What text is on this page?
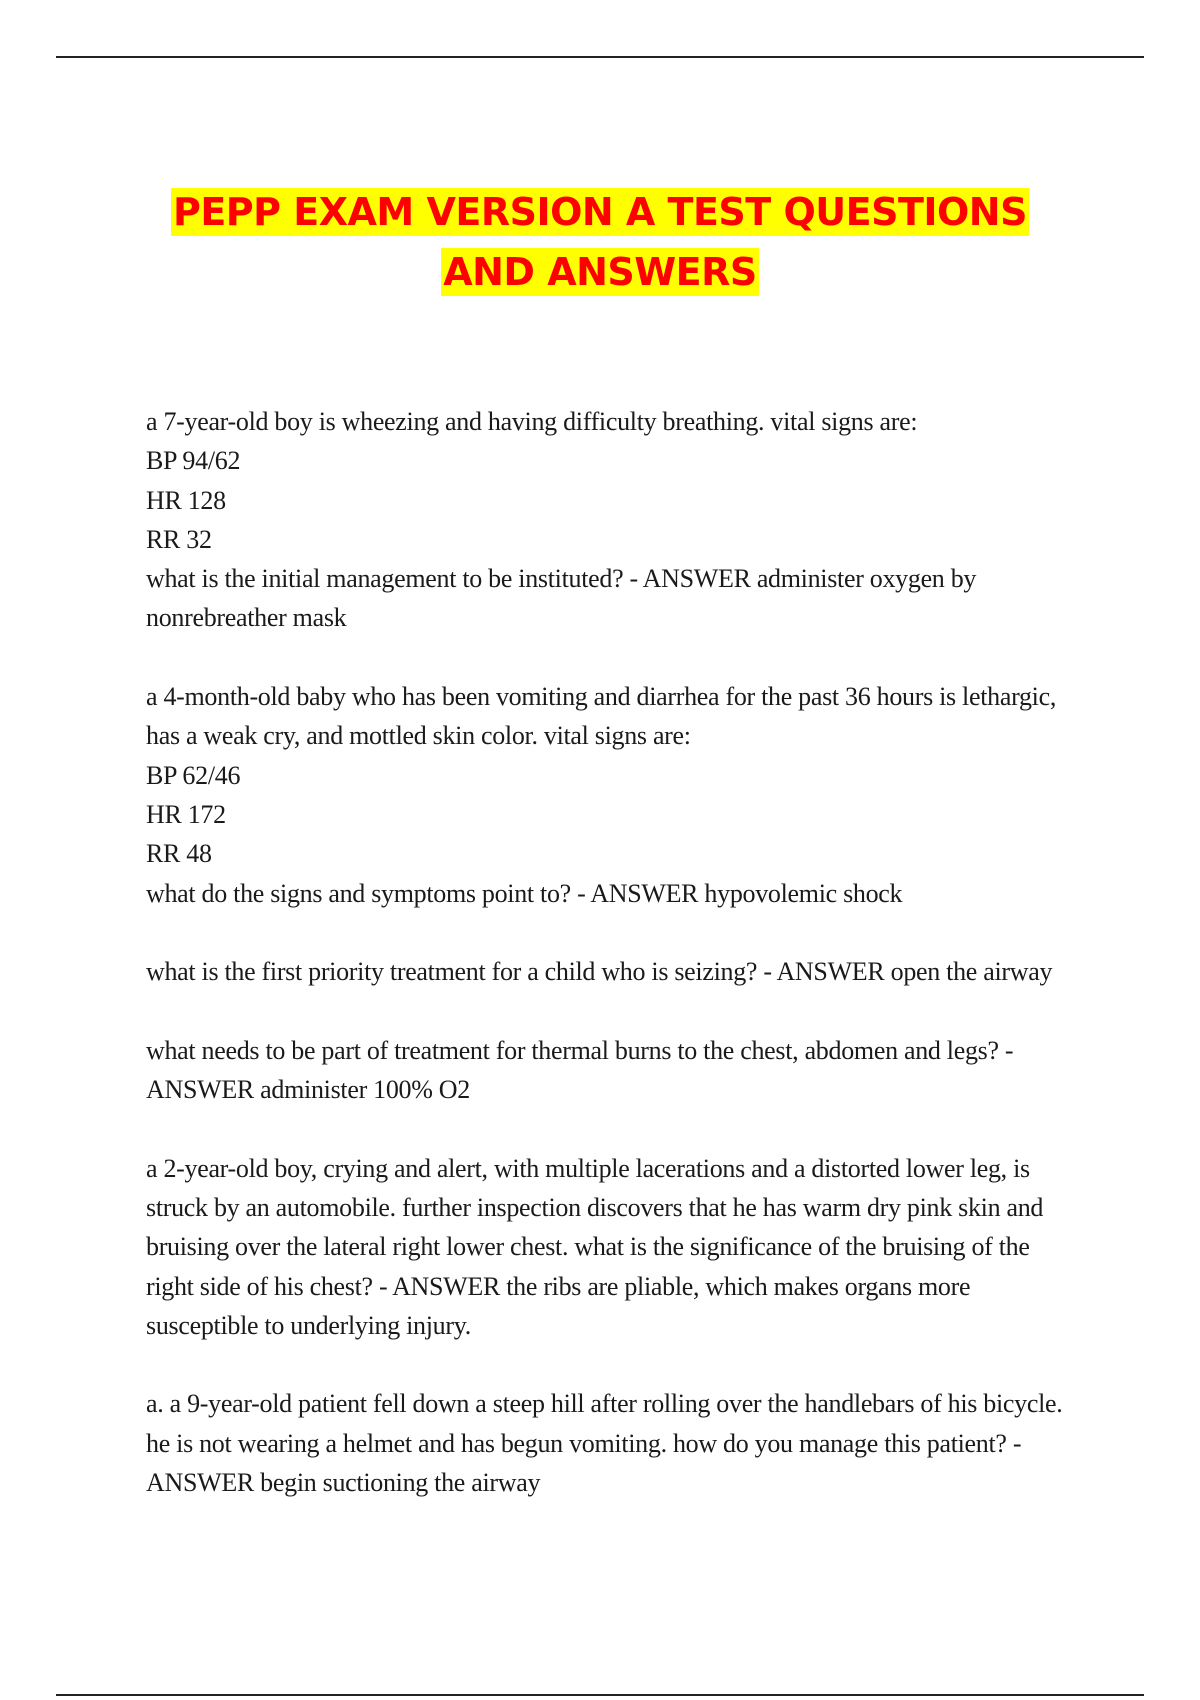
PEPP EXAM VERSION A TEST QUESTIONS
AND ANSWERS

a 7-year-old boy is wheezing and having difficulty breathing. vital signs are:

BP 94/62

HR 128

RR 32

what is the initial management to be instituted? - ANSWER administer oxygen by nonrebreather mask

a 4-month-old baby who has been vomiting and diarrhea for the past 36 hours is lethargic, has a weak cry, and mottled skin color. vital signs are:

BP 62/46

HR 172

RR 48

what do the signs and symptoms point to? - ANSWER hypovolemic shock

what is the first priority treatment for a child who is seizing? - ANSWER open the airway

what needs to be part of treatment for thermal burns to the chest, abdomen and legs? - ANSWER administer 100% O2

a 2-year-old boy, crying and alert, with multiple lacerations and a distorted lower leg, is struck by an automobile. further inspection discovers that he has warm dry pink skin and bruising over the lateral right lower chest. what is the significance of the bruising of the right side of his chest? - ANSWER the ribs are pliable, which makes organs more susceptible to underlying injury.

a. a 9-year-old patient fell down a steep hill after rolling over the handlebars of his bicycle. he is not wearing a helmet and has begun vomiting. how do you manage this patient? - ANSWER begin suctioning the airway
